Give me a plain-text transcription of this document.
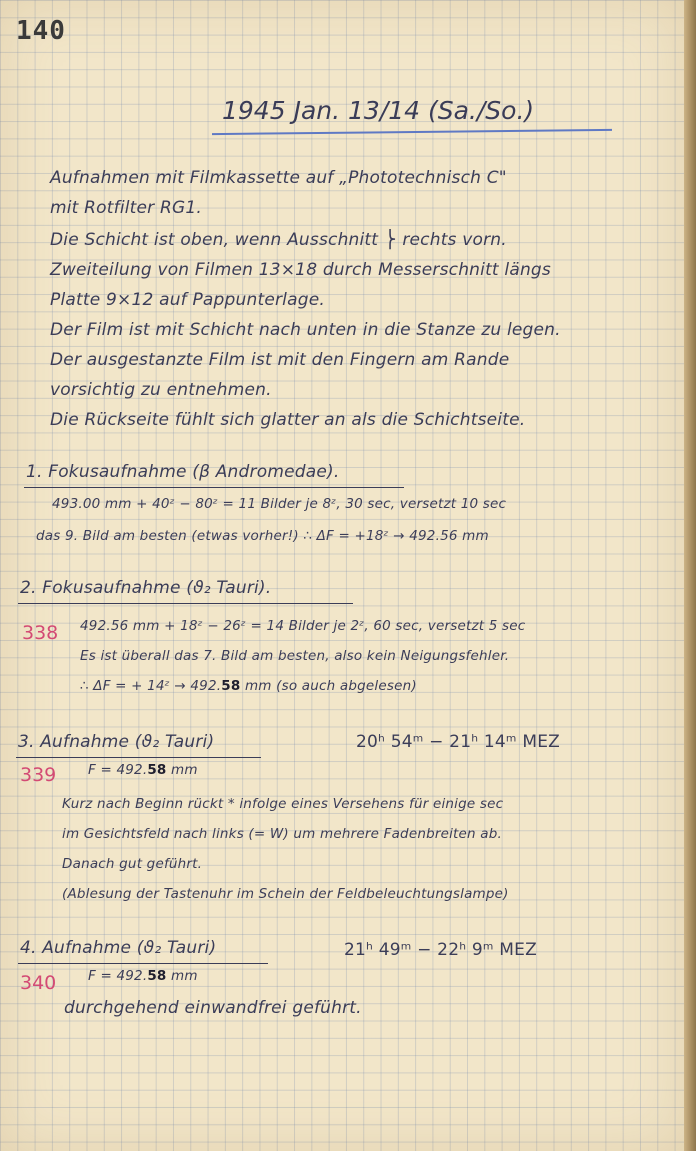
140
1945 Jan. 13/14 (Sa./So.)
Aufnahmen mit Filmkassette auf „Phototechnisch C"
mit Rotfilter RG1.
Die Schicht ist oben, wenn Ausschnitt ⎬ rechts vorn.
Zweiteilung von Filmen 13×18 durch Messerschnitt längs
Platte 9×12 auf Pappunterlage.
Der Film ist mit Schicht nach unten in die Stanze zu legen.
Der ausgestanzte Film ist mit den Fingern am Rande
vorsichtig zu entnehmen.
Die Rückseite fühlt sich glatter an als die Schichtseite.
1. Fokusaufnahme (β Andromedae).
493.00 mm + 40ᶻ − 80ᶻ = 11 Bilder je 8ᶻ, 30 sec, versetzt 10 sec
das 9. Bild am besten (etwas vorher!) ∴ ΔF = +18ᶻ → 492.56 mm
2. Fokusaufnahme (ϑ₂ Tauri).
338 492.56 mm + 18ᶻ − 26ᶻ = 14 Bilder je 2ᶻ, 60 sec, versetzt 5 sec
Es ist überall das 7. Bild am besten, also kein Neigungsfehler.
∴ ΔF = + 14ᶻ → 492.58 mm (so auch abgelesen)
3. Aufnahme (ϑ₂ Tauri)	20ʰ 54ᵐ − 21ʰ 14ᵐ MEZ
339 F = 492.58 mm
Kurz nach Beginn rückt * infolge eines Versehens für einige sec
im Gesichtsfeld nach links (= W) um mehrere Fadenbreiten ab.
Danach gut geführt.
(Ablesung der Tastenuhr im Schein der Feldbeleuchtungslampe)
4. Aufnahme (ϑ₂ Tauri)	21ʰ 49ᵐ − 22ʰ 9ᵐ MEZ
340 F = 492.58 mm
durchgehend einwandfrei geführt.
